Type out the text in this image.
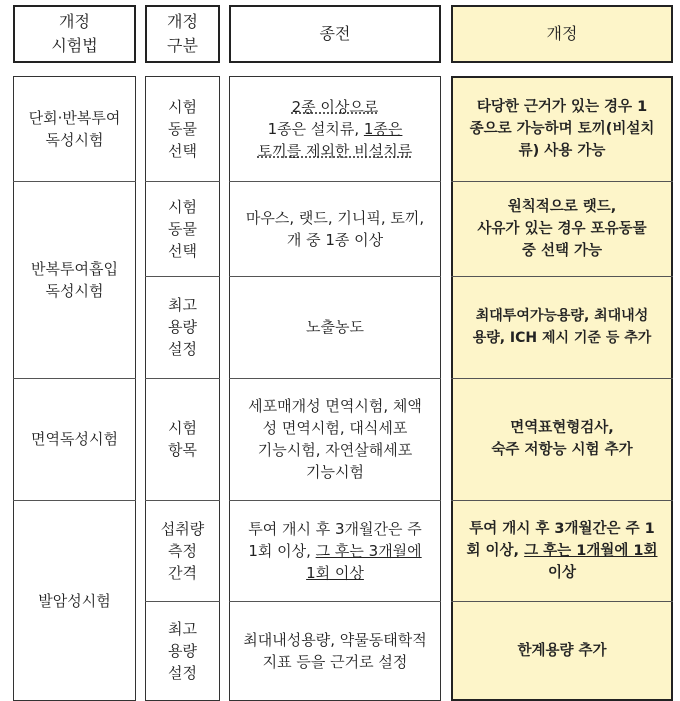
개정
시험법
개정
구분
종전	개정
단회·반복투여
독성시험
반복투여흡입
독성시험
면역독성시험
발암성시험
시험
동물
선택
시험
동물
선택
최고
용량
설정
시험
항목
섭취량
측정
간격
최고
용량
설정
2종 이상으로
1종은 설치류, 1종은
토끼를 제외한 비설치류
마우스, 랫드, 기니픽, 토끼,
개 중 1종 이상
노출농도
세포매개성 면역시험, 체액
성 면역시험, 대식세포
기능시험, 자연살해세포
기능시험
투여 개시 후 3개월간은 주
1회 이상, 그 후는 3개월에
1회 이상
최대내성용량, 약물동태학적
지표 등을 근거로 설정
타당한 근거가 있는 경우 1
종으로 가능하며 토끼(비설치
류) 사용 가능
원칙적으로 랫드,
사유가 있는 경우 포유동물
중 선택 가능
최대투여가능용량, 최대내성
용량, ICH 제시 기준 등 추가
면역표현형검사,
숙주 저항능 시험 추가
투여 개시 후 3개월간은 주 1
회 이상, 그 후는 1개월에 1회
이상
한계용량 추가
